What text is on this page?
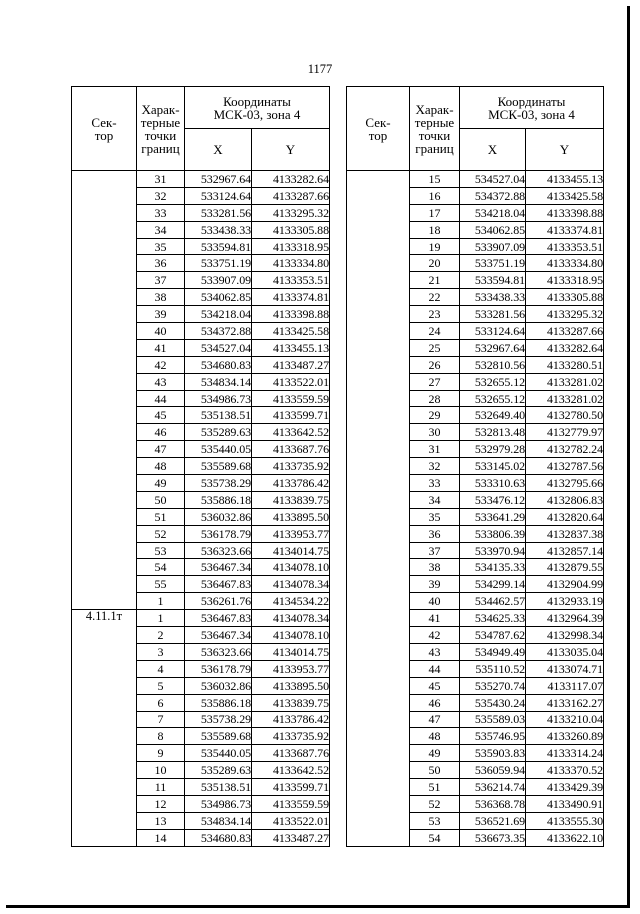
1177
Сек-
тор	Харак-
терные
точки
границ	Координаты
МСК-03, зона 4	
		X	Y
	31	532967.64	4133282.64
	32	533124.64	4133287.66
	33	533281.56	4133295.32
	34	533438.33	4133305.88
	35	533594.81	4133318.95
	36	533751.19	4133334.80
	37	533907.09	4133353.51
	38	534062.85	4133374.81
	39	534218.04	4133398.88
	40	534372.88	4133425.58
	41	534527.04	4133455.13
	42	534680.83	4133487.27
	43	534834.14	4133522.01
	44	534986.73	4133559.59
	45	535138.51	4133599.71
	46	535289.63	4133642.52
	47	535440.05	4133687.76
	48	535589.68	4133735.92
	49	535738.29	4133786.42
	50	535886.18	4133839.75
	51	536032.86	4133895.50
	52	536178.79	4133953.77
	53	536323.66	4134014.75
	54	536467.34	4134078.10
	55	536467.83	4134078.34
	1	536261.76	4134534.22
4.11.1т	1	536467.83	4134078.34
	2	536467.34	4134078.10
	3	536323.66	4134014.75
	4	536178.79	4133953.77
	5	536032.86	4133895.50
	6	535886.18	4133839.75
	7	535738.29	4133786.42
	8	535589.68	4133735.92
	9	535440.05	4133687.76
	10	535289.63	4133642.52
	11	535138.51	4133599.71
	12	534986.73	4133559.59
	13	534834.14	4133522.01
	14	534680.83	4133487.27
Сек-
тор	Харак-
терные
точки
границ	Координаты
МСК-03, зона 4	
		X	Y
	15	534527.04	4133455.13
	16	534372.88	4133425.58
	17	534218.04	4133398.88
	18	534062.85	4133374.81
	19	533907.09	4133353.51
	20	533751.19	4133334.80
	21	533594.81	4133318.95
	22	533438.33	4133305.88
	23	533281.56	4133295.32
	24	533124.64	4133287.66
	25	532967.64	4133282.64
	26	532810.56	4133280.51
	27	532655.12	4133281.02
	28	532655.12	4133281.02
	29	532649.40	4132780.50
	30	532813.48	4132779.97
	31	532979.28	4132782.24
	32	533145.02	4132787.56
	33	533310.63	4132795.66
	34	533476.12	4132806.83
	35	533641.29	4132820.64
	36	533806.39	4132837.38
	37	533970.94	4132857.14
	38	534135.33	4132879.55
	39	534299.14	4132904.99
	40	534462.57	4132933.19
	41	534625.33	4132964.39
	42	534787.62	4132998.34
	43	534949.49	4133035.04
	44	535110.52	4133074.71
	45	535270.74	4133117.07
	46	535430.24	4133162.27
	47	535589.03	4133210.04
	48	535746.95	4133260.89
	49	535903.83	4133314.24
	50	536059.94	4133370.52
	51	536214.74	4133429.39
	52	536368.78	4133490.91
	53	536521.69	4133555.30
	54	536673.35	4133622.10
